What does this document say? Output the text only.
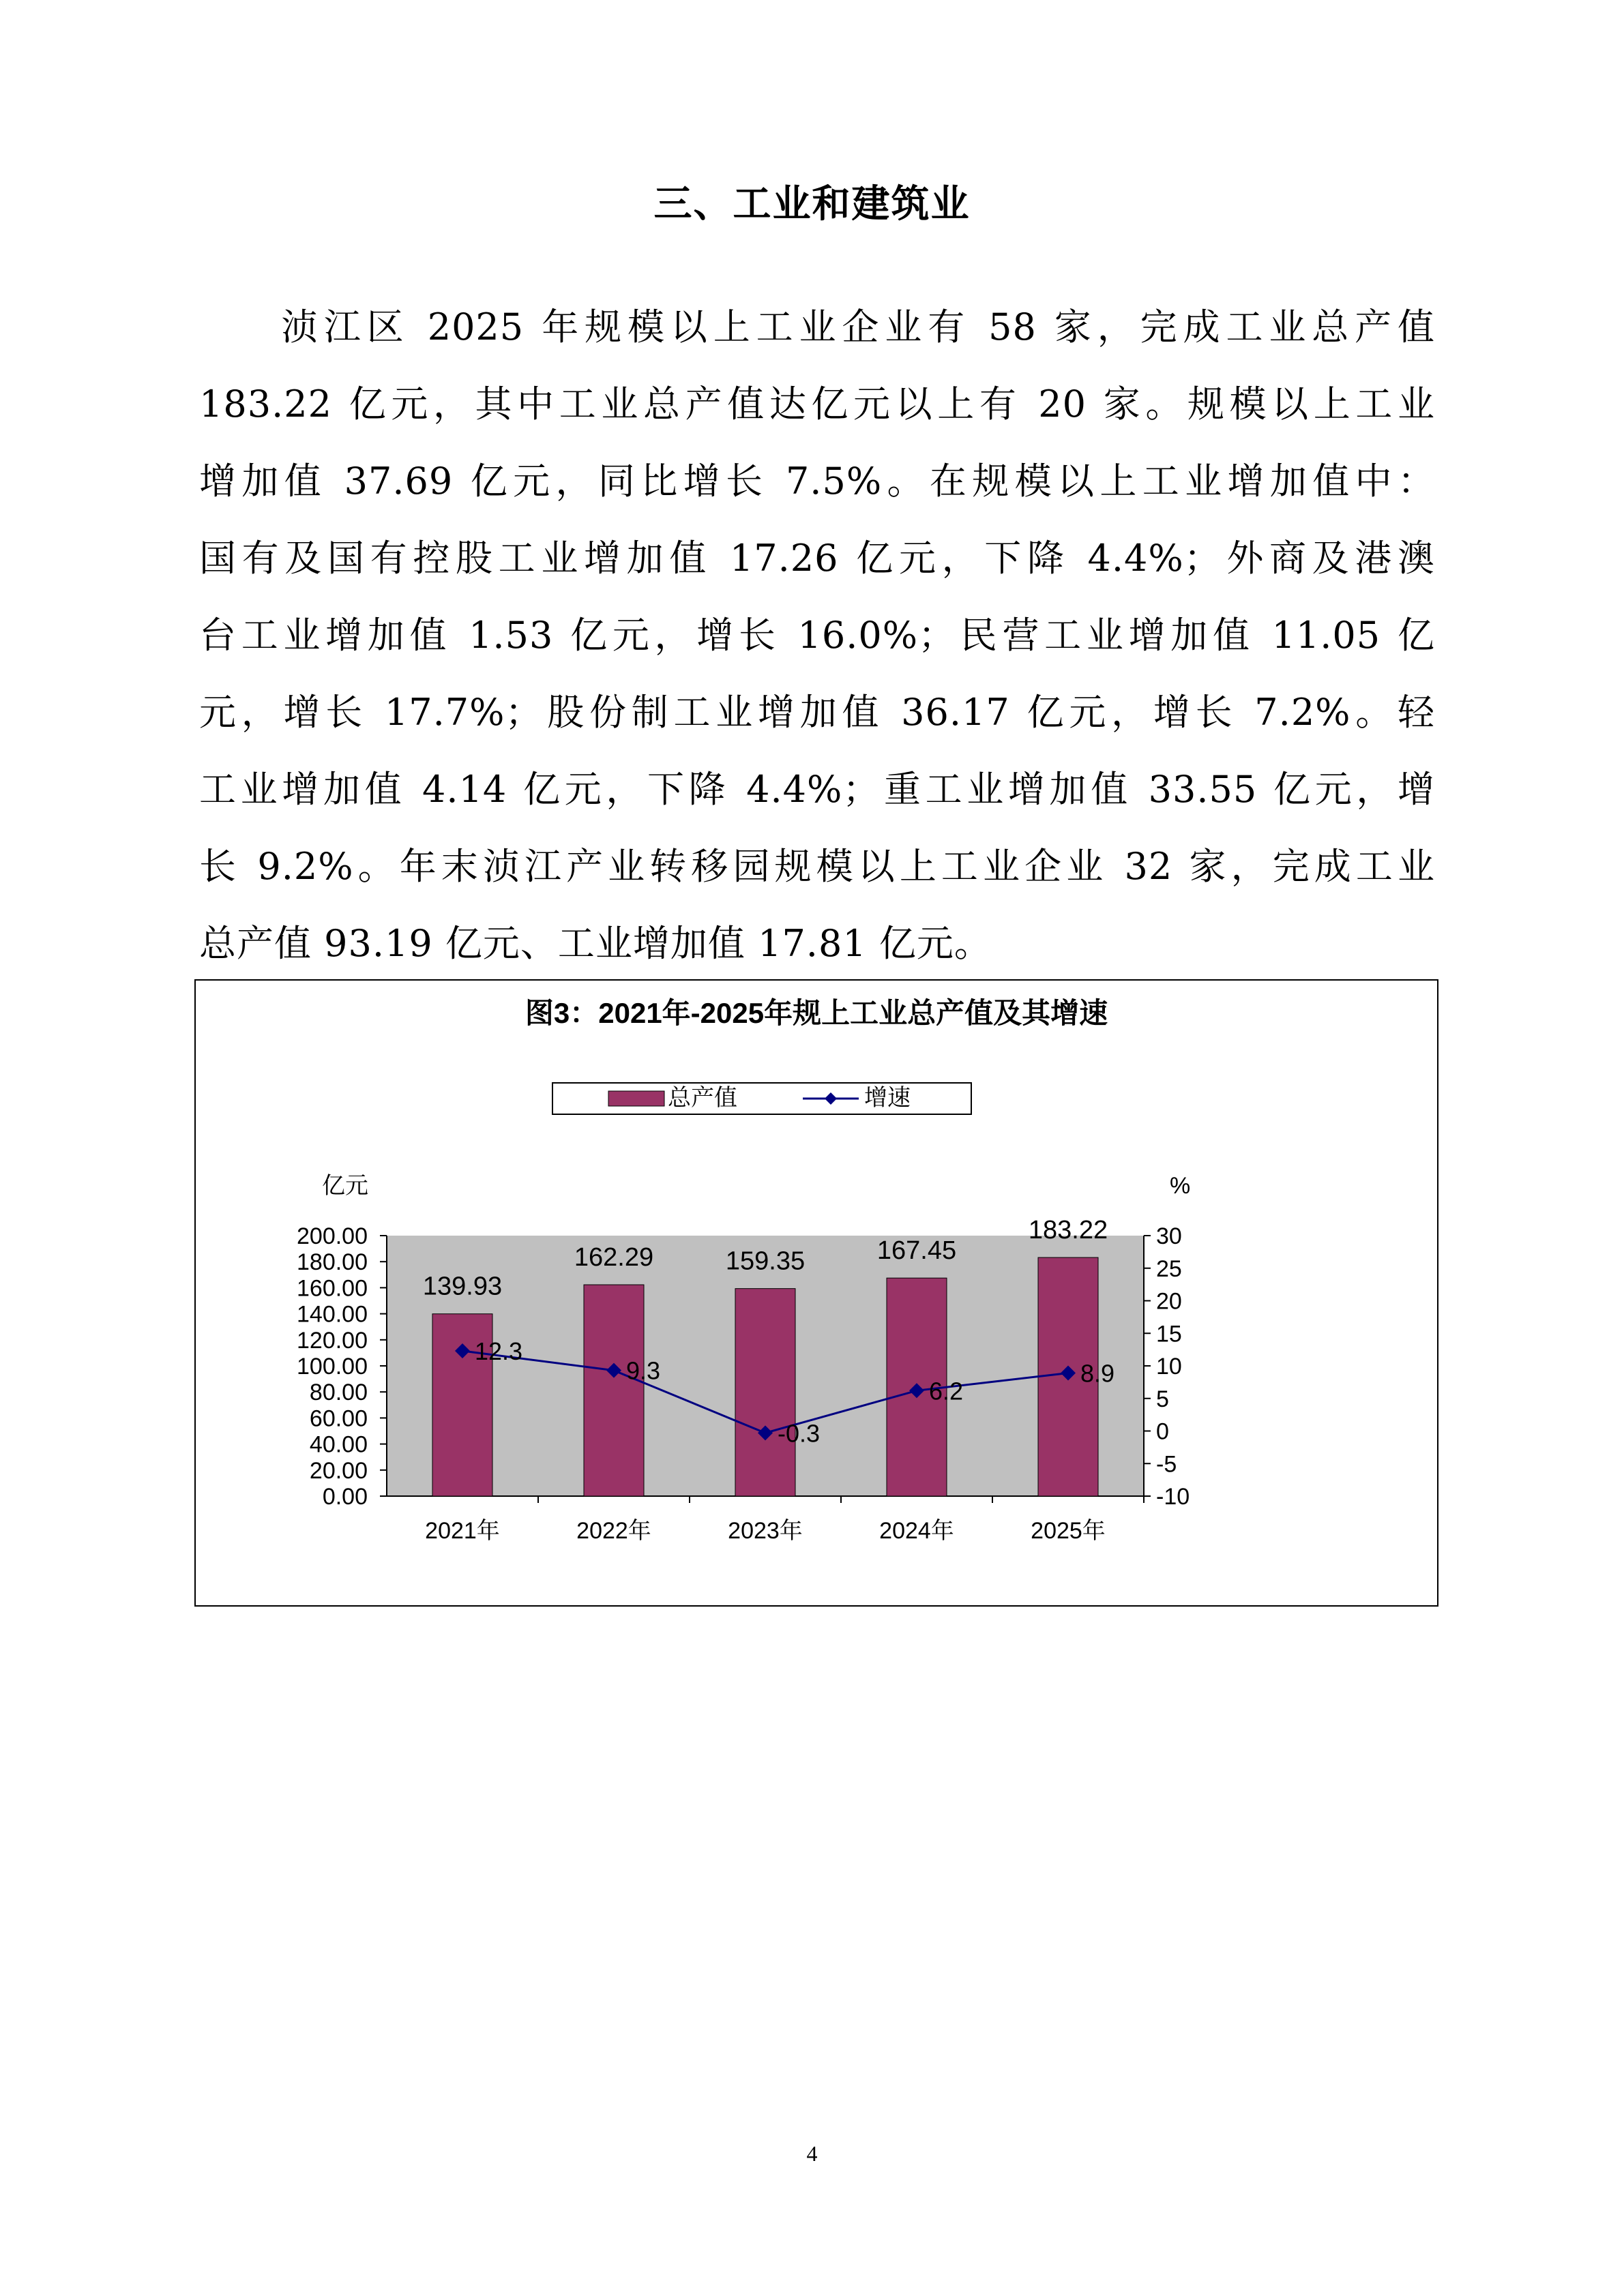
三、工业和建筑业
浈江区 2025 年规模以上工业企业有 58 家，完成工业总产值
183.22 亿元，其中工业总产值达亿元以上有 20 家。规模以上工业
增加值 37.69 亿元，同比增长 7.5%。在规模以上工业增加值中：
国有及国有控股工业增加值 17.26 亿元，下降 4.4%；外商及港澳
台工业增加值 1.53 亿元，增长 16.0%；民营工业增加值 11.05 亿
元，增长 17.7%；股份制工业增加值 36.17 亿元，增长 7.2%。轻
工业增加值 4.14 亿元，下降 4.4%；重工业增加值 33.55 亿元，增
长 9.2%。年末浈江产业转移园规模以上工业企业 32 家，完成工业
总产值 93.19 亿元、工业增加值 17.81 亿元。
图3：2021年-2025年规上工业总产值及其增速
总产值	增速
亿元	%
0.00
20.00
40.00
60.00
80.00
100.00
120.00
140.00
160.00
180.00
200.00
-10
-5
0
5
10
15
20
25
30
139.93
2021年
162.29
2022年
159.35
2023年
167.45
2024年
183.22
2025年
12.3
9.3
-0.3
6.2
8.9
4
